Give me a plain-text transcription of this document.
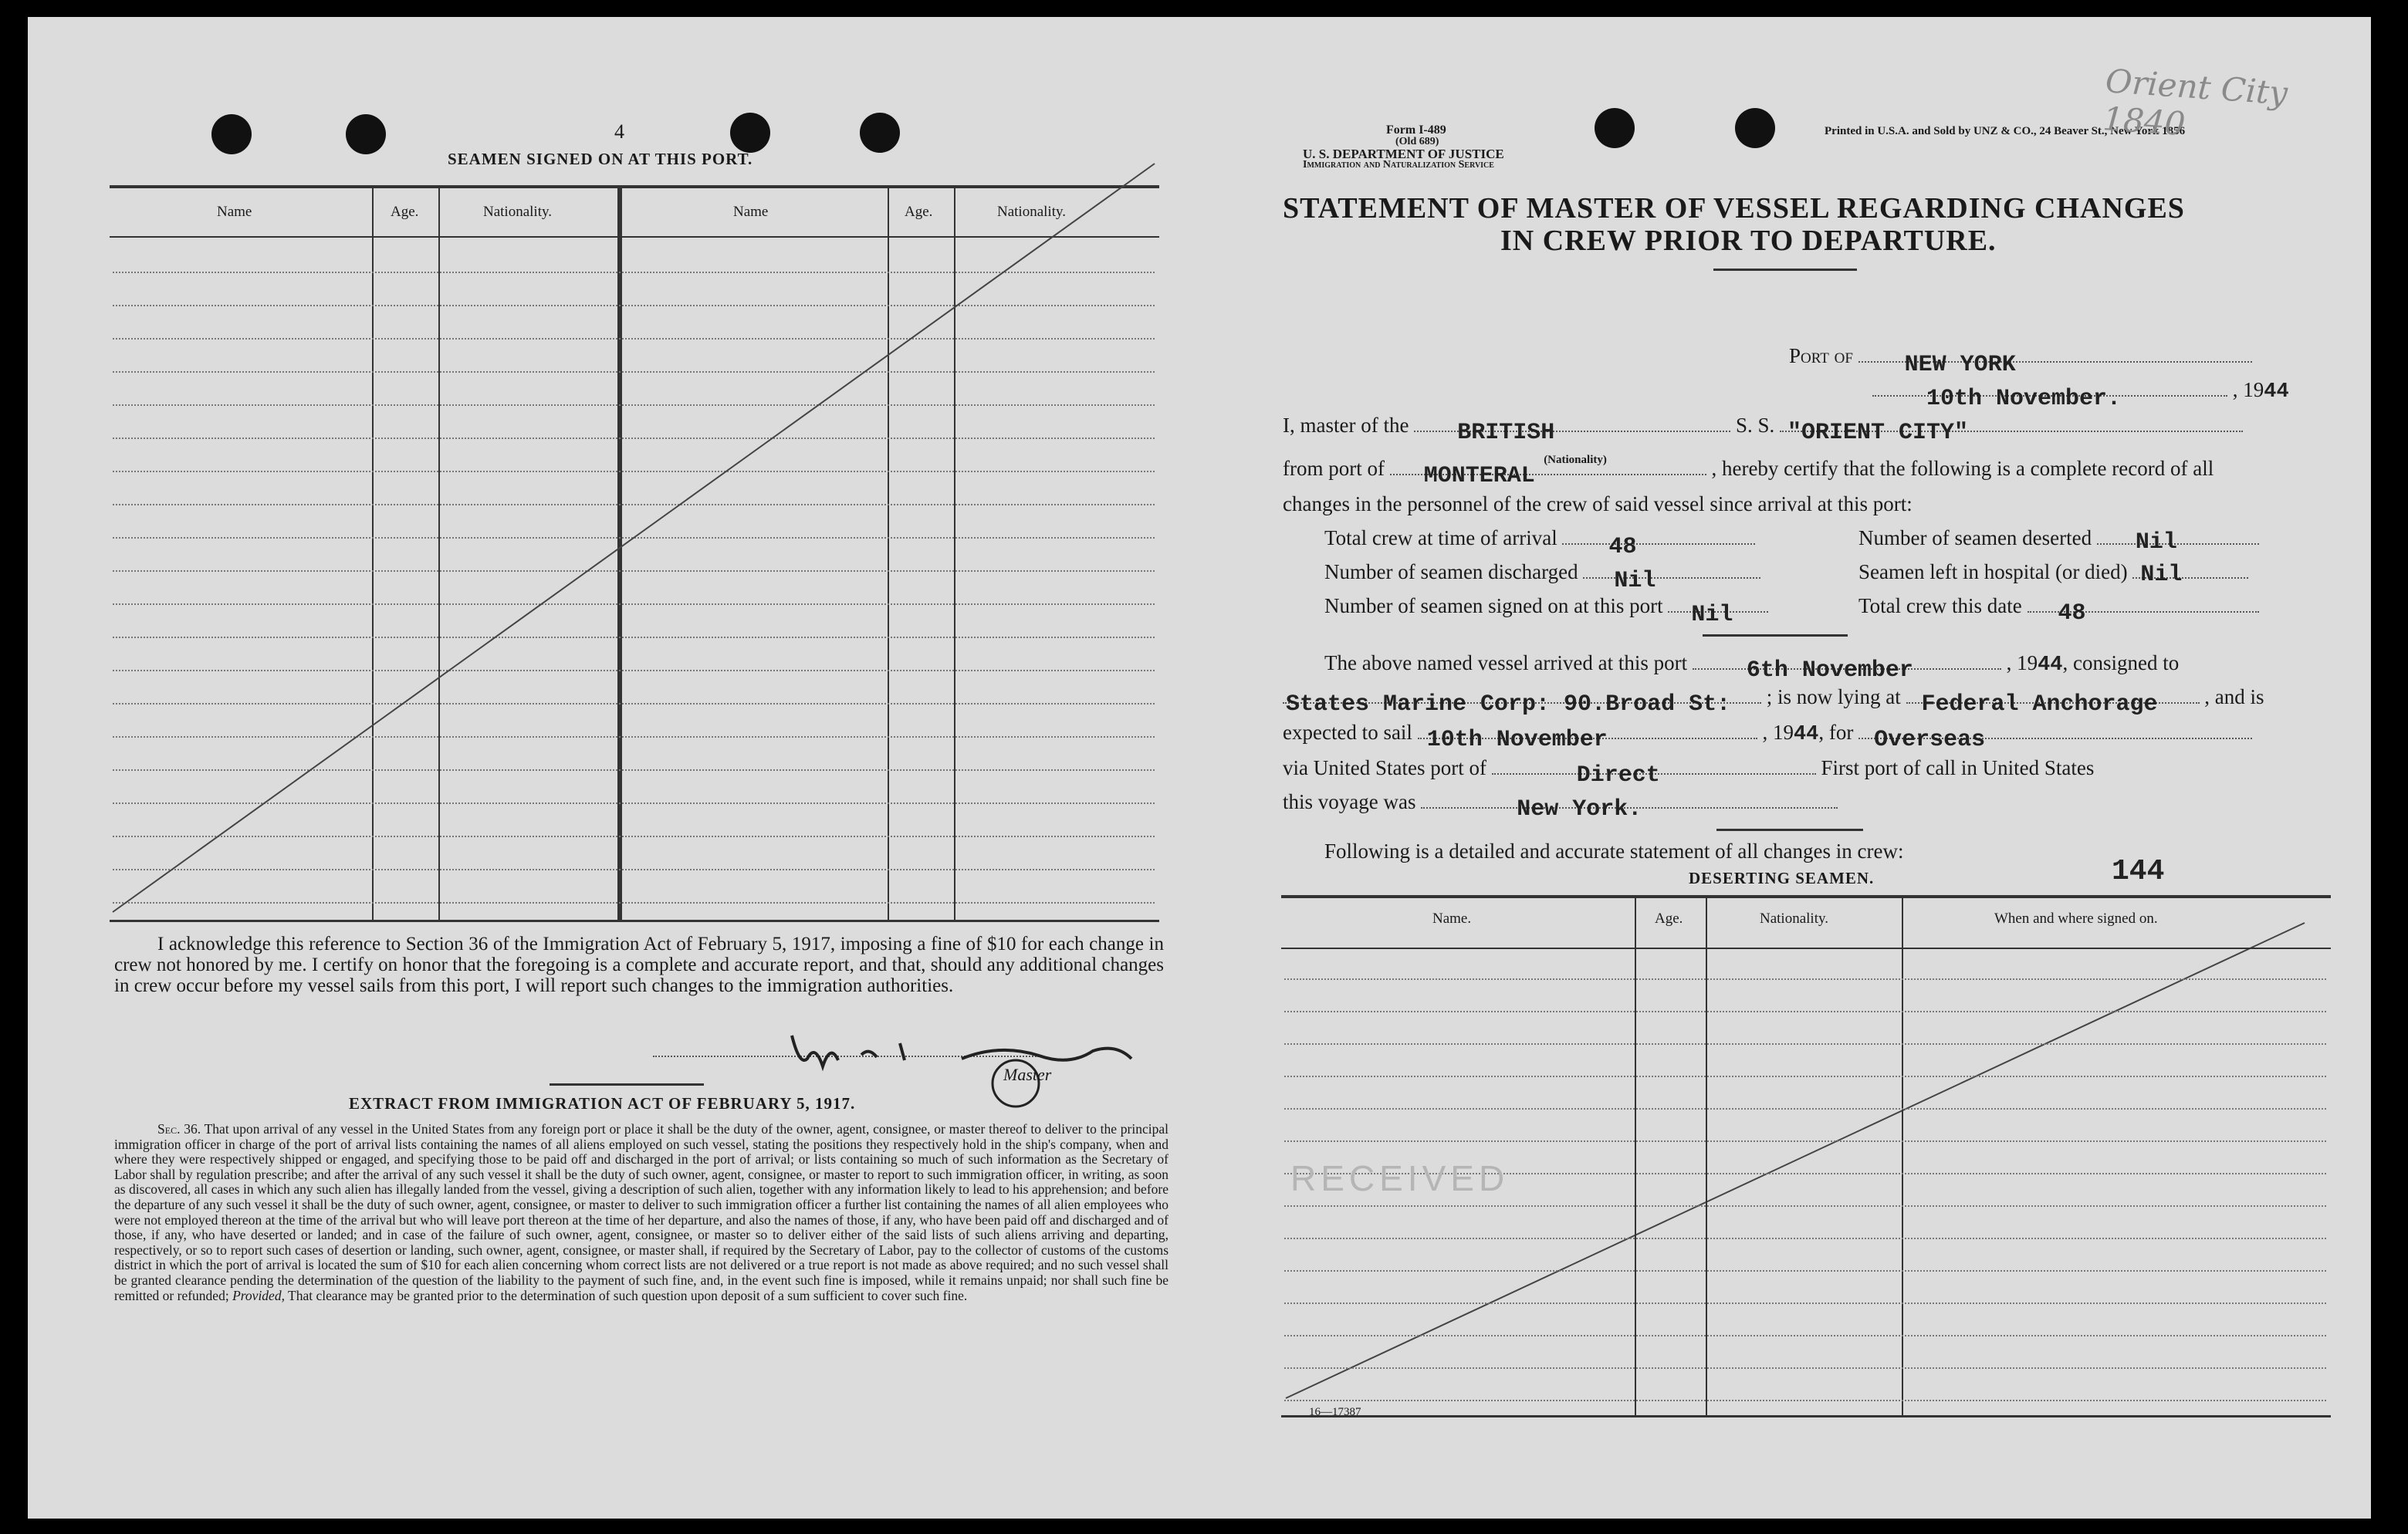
4
SEAMEN SIGNED ON AT THIS PORT.
Name	Age.	Nationality.	Name	Age.	Nationality.
I acknowledge this reference to Section 36 of the Immigration Act of February 5, 1917, imposing a fine of $10 for each change in crew not honored by me. I certify on honor that the foregoing is a complete and accurate report, and that, should any additional changes in crew occur before my vessel sails from this port, I will report such changes to the immigration authorities.
Master
EXTRACT FROM IMMIGRATION ACT OF FEBRUARY 5, 1917.
Sec. 36. That upon arrival of any vessel in the United States from any foreign port or place it shall be the duty of the owner, agent, consignee, or master thereof to deliver to the principal immigration officer in charge of the port of arrival lists containing the names of all aliens employed on such vessel, stating the positions they respectively hold in the ship's company, when and where they were respectively shipped or engaged, and specifying those to be paid off and discharged in the port of arrival; or lists containing so much of such information as the Secretary of Labor shall by regulation prescribe; and after the arrival of any such vessel it shall be the duty of such owner, agent, consignee, or master to report to such immigration officer, in writing, as soon as discovered, all cases in which any such alien has illegally landed from the vessel, giving a description of such alien, together with any information likely to lead to his apprehension; and before the departure of any such vessel it shall be the duty of such owner, agent, consignee, or master to deliver to such immigration officer a further list containing the names of all alien employees who were not employed thereon at the time of the arrival but who will leave port thereon at the time of her departure, and also the names of those, if any, who have been paid off and discharged and of those, if any, who have deserted or landed; and in case of the failure of such owner, agent, consignee, or master so to deliver either of the said lists of such aliens arriving and departing, respectively, or so to report such cases of desertion or landing, such owner, agent, consignee, or master shall, if required by the Secretary of Labor, pay to the collector of customs of the customs district in which the port of arrival is located the sum of $10 for each alien concerning whom correct lists are not delivered or a true report is not made as above required; and no such vessel shall be granted clearance pending the determination of the question of the liability to the payment of such fine, and, in the event such fine is imposed, while it remains unpaid; nor shall such fine be remitted or refunded; Provided, That clearance may be granted prior to the determination of such question upon deposit of a sum sufficient to cover such fine.
Form I-489
(Old 689)
U. S. DEPARTMENT OF JUSTICE
Immigration and Naturalization Service
Printed in U.S.A. and Sold by UNZ & CO., 24 Beaver St., New York 1856
STATEMENT OF MASTER OF VESSEL REGARDING CHANGES
IN CREW PRIOR TO DEPARTURE.
Port of NEW YORK
10th November.	, 1944
I, master of the BRITISH
(Nationality)
S. S. "ORIENT CITY"
from port of MONTERAL	, hereby certify that the following is a complete record of all
changes in the personnel of the crew of said vessel since arrival at this port:
Total crew at time of arrival 48
Number of seamen discharged Nil
Number of seamen signed on at this port Nil
Number of seamen deserted Nil
Seamen left in hospital (or died) Nil
Total crew this date 48
The above named vessel arrived at this port	6th November	, 1944, consigned to
States Marine Corp: 90.Broad St: ; is now lying at Federal Anchorage , and is
expected to sail 10th November	, 1944, for Overseas
via United States port of	Direct	First port of call in United States
this voyage was	New York.
Following is a detailed and accurate statement of all changes in crew:
DESERTING SEAMEN.	144
Name.	Age.	Nationality.	When and where signed on.
RECEIVED
16—17387
Orient City 1840
